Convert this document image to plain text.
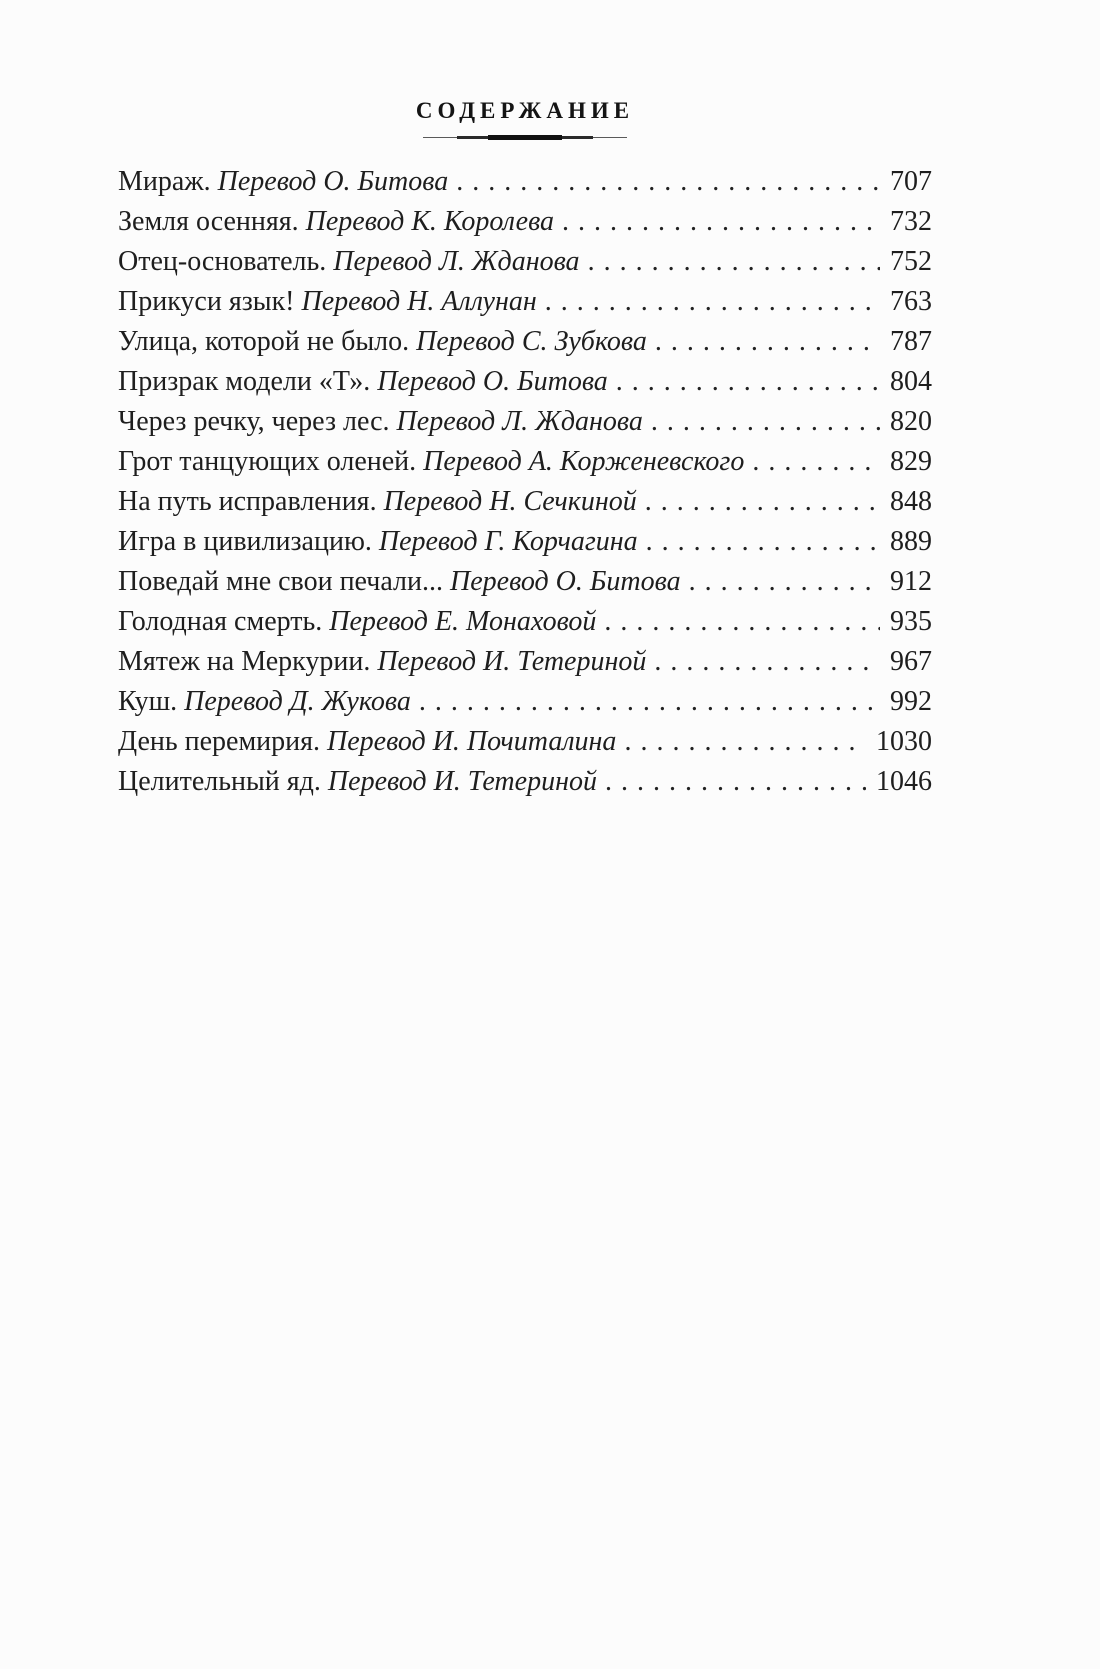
СОДЕРЖАНИЕ
Мираж. Перевод О. Битова . . .	707
Земля осенняя. Перевод К. Королева . . .	732
Отец-основатель. Перевод Л. Жданова . . .	752
Прикуси язык! Перевод Н. Аллунан . . .	763
Улица, которой не было. Перевод С. Зубкова . . .	787
Призрак модели «Т». Перевод О. Битова . . .	804
Через речку, через лес. Перевод Л. Жданова . . .	820
Грот танцующих оленей. Перевод А. Корженевского . . .	829
На путь исправления. Перевод Н. Сечкиной . . .	848
Игра в цивилизацию. Перевод Г. Корчагина . . .	889
Поведай мне свои печали... Перевод О. Битова . . .	912
Голодная смерть. Перевод Е. Монаховой . . .	935
Мятеж на Меркурии. Перевод И. Тетериной . . .	967
Куш. Перевод Д. Жукова . . .	992
День перемирия. Перевод И. Почиталина . . .	1030
Целительный яд. Перевод И. Тетериной . . .	1046
